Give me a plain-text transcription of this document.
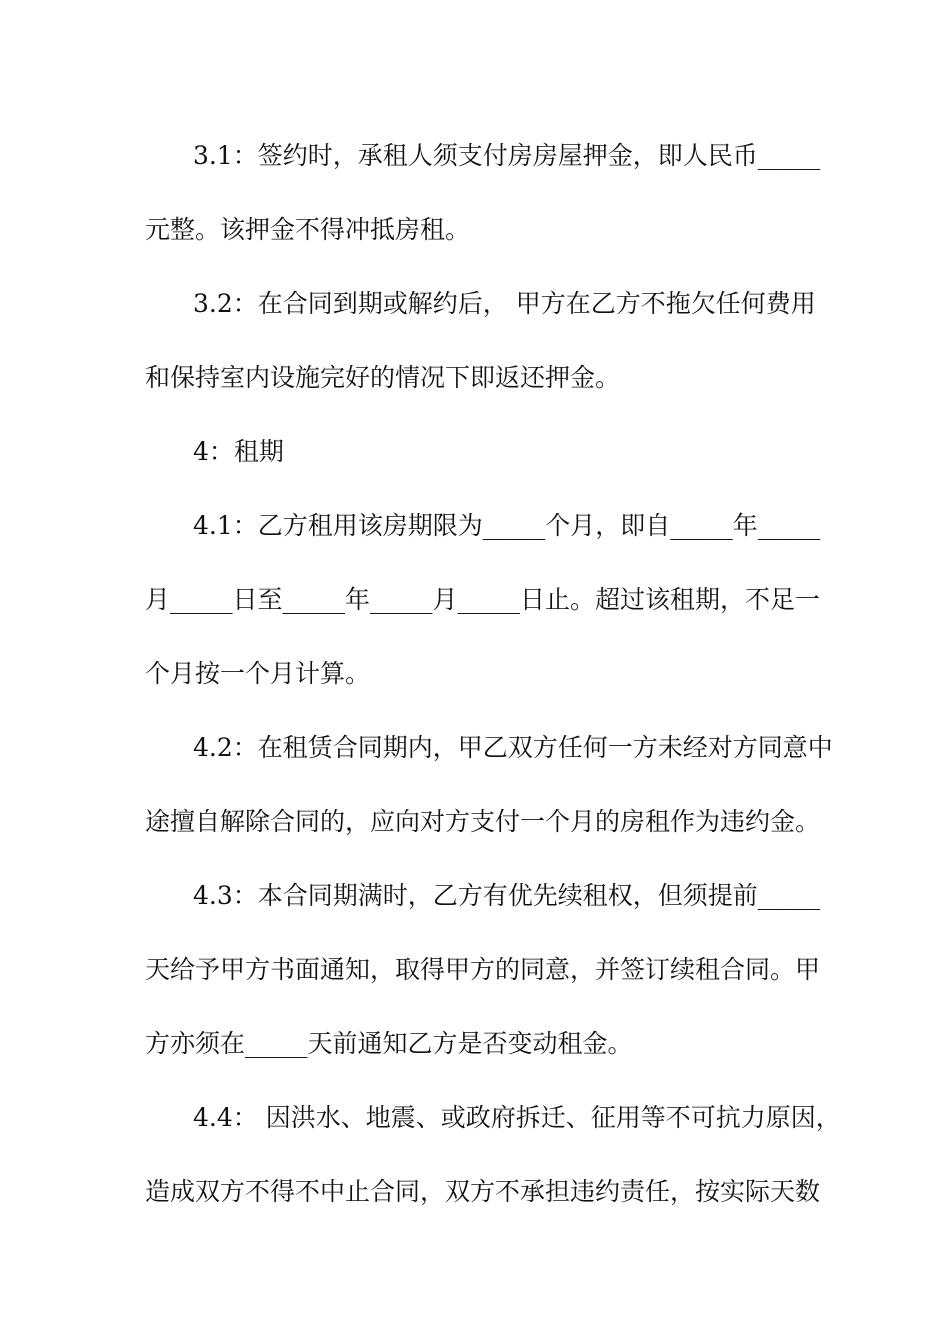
3.1：签约时，承租人须支付房房屋押金，即人民币_____
元整。该押金不得冲抵房租。
3.2：在合同到期或解约后， 甲方在乙方不拖欠任何费用
和保持室内设施完好的情况下即返还押金。
4：租期
4.1：乙方租用该房期限为_____个月，即自_____年_____
月_____日至_____年_____月_____日止。超过该租期，不足一
个月按一个月计算。
4.2：在租赁合同期内，甲乙双方任何一方未经对方同意中
途擅自解除合同的，应向对方支付一个月的房租作为违约金。
4.3：本合同期满时，乙方有优先续租权，但须提前_____
天给予甲方书面通知，取得甲方的同意，并签订续租合同。甲
方亦须在_____天前通知乙方是否变动租金。
4.4： 因洪水、地震、或政府拆迁、征用等不可抗力原因，
造成双方不得不中止合同，双方不承担违约责任，按实际天数
